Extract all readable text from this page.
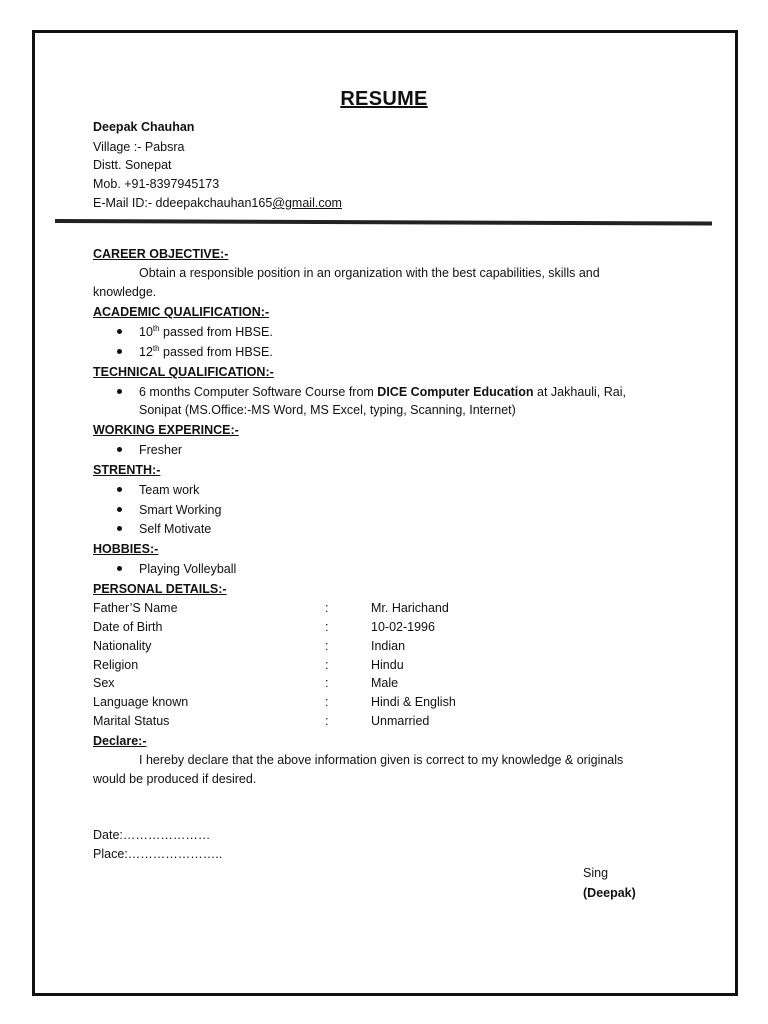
RESUME
Deepak Chauhan
Village :- Pabsra
Distt. Sonepat
Mob. +91-8397945173
E-Mail ID:- ddeepakchauhan165@gmail.com
CAREER OBJECTIVE:-
Obtain a responsible position in an organization with the best capabilities, skills and
knowledge.
ACADEMIC QUALIFICATION:-
10th passed from HBSE.
12th passed from HBSE.
TECHNICAL QUALIFICATION:-
6 months Computer Software Course from DICE Computer Education at Jakhauli, Rai,
Sonipat (MS.Office:-MS Word, MS Excel, typing, Scanning, Internet)
WORKING EXPERINCE:-
Fresher
STRENTH:-
Team work
Smart Working
Self Motivate
HOBBIES:-
Playing Volleyball
PERSONAL DETAILS:-
Father’S Name	:	Mr. Harichand
Date of Birth	:	10-02-1996
Nationality	:	Indian
Religion	:	Hindu
Sex	:	Male
Language known	:	Hindi & English
Marital Status	:	Unmarried
Declare:-
I hereby declare that the above information given is correct to my knowledge & originals
would be produced if desired.
Date:…………………
Place:…………………..
Sing
(Deepak)
